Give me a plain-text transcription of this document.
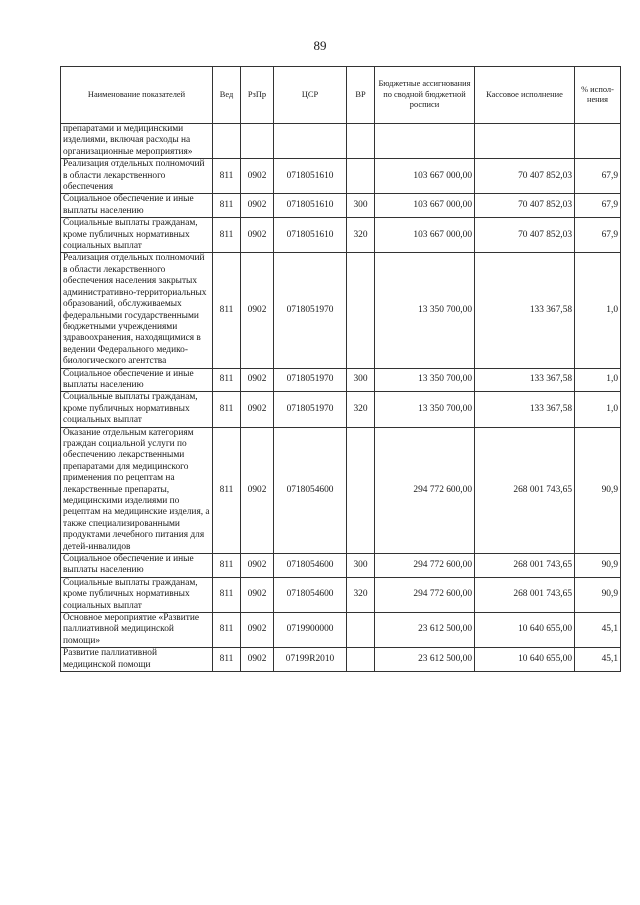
89
Наименование показателей	Вед	РзПр	ЦСР	ВР	Бюджетные ассигнования по сводной бюджетной росписи	Кассовое исполнение	% испол-нения
препаратами и медицинскими изделиями, включая расходы на организационные мероприятия»							
Реализация отдельных полномочий в области лекарственного обеспечения	811	0902	0718051610		103 667 000,00	70 407 852,03	67,9
Социальное обеспечение и иные выплаты населению	811	0902	0718051610	300	103 667 000,00	70 407 852,03	67,9
Социальные выплаты гражданам, кроме публичных нормативных социальных выплат	811	0902	0718051610	320	103 667 000,00	70 407 852,03	67,9
Реализация отдельных полномочий в области лекарственного обеспечения населения закрытых административно-территориальных образований, обслуживаемых федеральными государственными бюджетными учреждениями здравоохранения, находящимися в ведении Федерального медико-биологического агентства	811	0902	0718051970		13 350 700,00	133 367,58	1,0
Социальное обеспечение и иные выплаты населению	811	0902	0718051970	300	13 350 700,00	133 367,58	1,0
Социальные выплаты гражданам, кроме публичных нормативных социальных выплат	811	0902	0718051970	320	13 350 700,00	133 367,58	1,0
Оказание отдельным категориям граждан социальной услуги по обеспечению лекарственными препаратами для медицинского применения по рецептам на лекарственные препараты, медицинскими изделиями по рецептам на медицинские изделия, а также специализированными продуктами лечебного питания для детей-инвалидов	811	0902	0718054600		294 772 600,00	268 001 743,65	90,9
Социальное обеспечение и иные выплаты населению	811	0902	0718054600	300	294 772 600,00	268 001 743,65	90,9
Социальные выплаты гражданам, кроме публичных нормативных социальных выплат	811	0902	0718054600	320	294 772 600,00	268 001 743,65	90,9
Основное мероприятие «Развитие паллиативной медицинской помощи»	811	0902	0719900000		23 612 500,00	10 640 655,00	45,1
Развитие паллиативной медицинской помощи	811	0902	07199R2010		23 612 500,00	10 640 655,00	45,1
